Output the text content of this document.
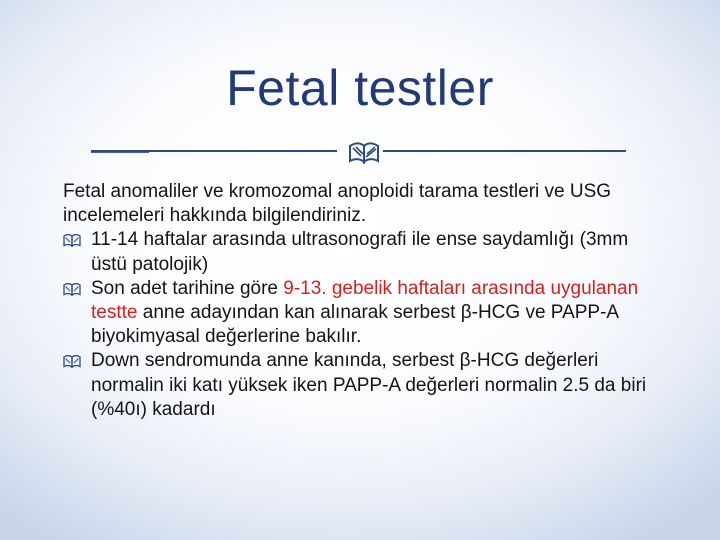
Fetal testler

Fetal anomaliler ve kromozomal anoploidi tarama testleri ve USG incelemeleri hakkında bilgilendiriniz.

11-14 haftalar arasında ultrasonografi ile ense saydamlığı (3mm üstü patolojik)

Son adet tarihine göre 9-13. gebelik haftaları arasında uygulanan testte anne adayından kan alınarak serbest β-HCG ve PAPP-A biyokimyasal değerlerine bakılır.

Down sendromunda anne kanında, serbest β-HCG değerleri normalin iki katı yüksek iken PAPP-A değerleri normalin 2.5 da biri (%40ı) kadardı
